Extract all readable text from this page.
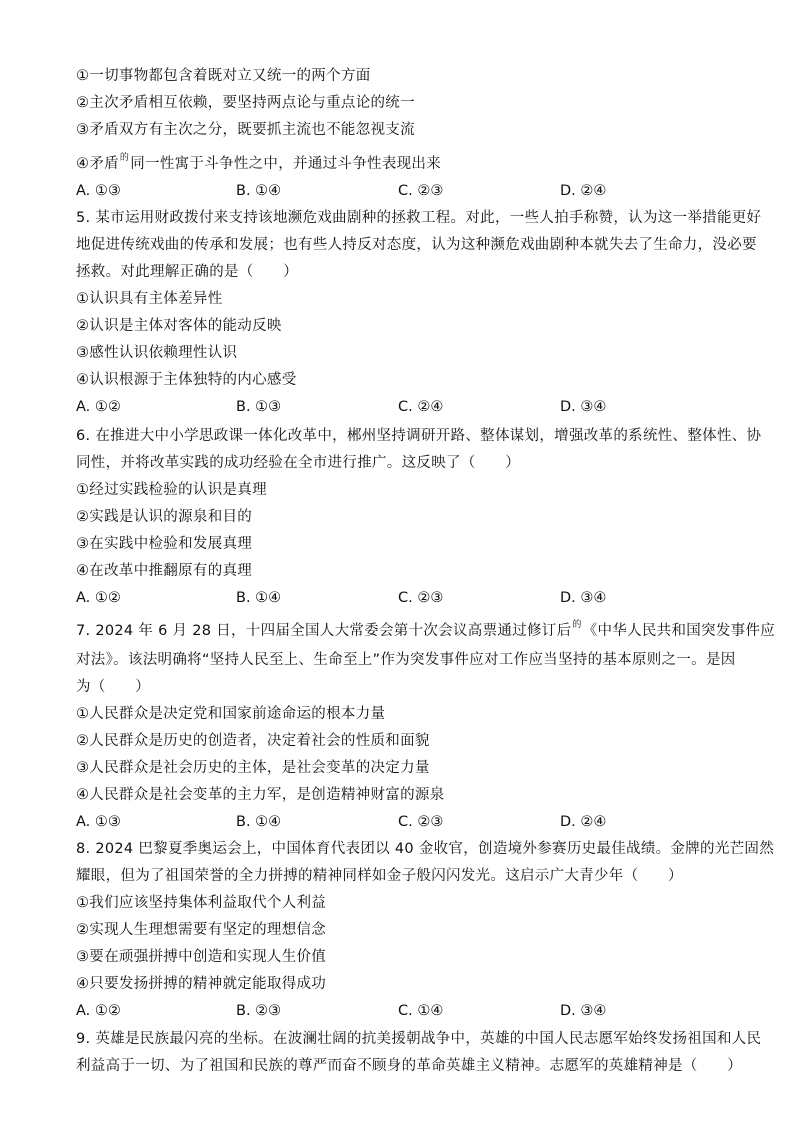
①一切事物都包含着既对立又统一的两个方面
②主次矛盾相互依赖，要坚持两点论与重点论的统一
③矛盾双方有主次之分，既要抓主流也不能忽视支流
④矛盾$^的$同一性寓于斗争性之中，并通过斗争性表现出来
A. ①③	B. ①④	C. ②③	D. ②④
5. 某市运用财政拨付来支持该地濒危戏曲剧种的拯救工程。对此，一些人拍手称赞，认为这一举措能更好
地促进传统戏曲的传承和发展；也有些人持反对态度，认为这种濒危戏曲剧种本就失去了生命力，没必要
拯救。对此理解正确的是（　　）
①认识具有主体差异性
②认识是主体对客体的能动反映
③感性认识依赖理性认识
④认识根源于主体独特的内心感受
A. ①②	B. ①③	C. ②④	D. ③④
6. 在推进大中小学思政课一体化改革中，郴州坚持调研开路、整体谋划，增强改革的系统性、整体性、协
同性，并将改革实践的成功经验在全市进行推广。这反映了（　　）
①经过实践检验的认识是真理
②实践是认识的源泉和目的
③在实践中检验和发展真理
④在改革中推翻原有的真理
A. ①②	B. ①④	C. ②③	D. ③④
7. 2024 年 6 月 28 日，十四届全国人大常委会第十次会议高票通过修订后$^的$《中华人民共和国突发事件应
对法》。该法明确将“坚持人民至上、生命至上”作为突发事件应对工作应当坚持的基本原则之一。是因
为（　　）
①人民群众是决定党和国家前途命运的根本力量
②人民群众是历史的创造者，决定着社会的性质和面貌
③人民群众是社会历史的主体，是社会变革的决定力量
④人民群众是社会变革的主力军，是创造精神财富的源泉
A. ①③	B. ①④	C. ②③	D. ②④
8. 2024 巴黎夏季奥运会上，中国体育代表团以 40 金收官，创造境外参赛历史最佳战绩。金牌的光芒固然
耀眼，但为了祖国荣誉的全力拼搏的精神同样如金子般闪闪发光。这启示广大青少年（　　）
①我们应该坚持集体利益取代个人利益
②实现人生理想需要有坚定的理想信念
③要在顽强拼搏中创造和实现人生价值
④只要发扬拼搏的精神就定能取得成功
A. ①②	B. ②③	C. ①④	D. ③④
9. 英雄是民族最闪亮的坐标。在波澜壮阔的抗美援朝战争中，英雄的中国人民志愿军始终发扬祖国和人民
利益高于一切、为了祖国和民族的尊严而奋不顾身的革命英雄主义精神。志愿军的英雄精神是（　　）
